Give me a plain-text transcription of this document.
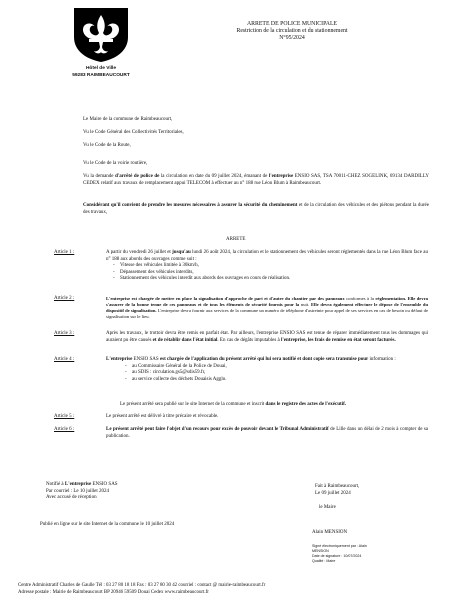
Hôtel de Ville
59283 RAIMBEAUCOURT
ARRETE DE POLICE MUNICIPALE
Restriction de la circulation et du stationnement
N°95/2024

Le Maire de la commune de Raimbeaucourt,

Vu le Code Général des Collectivités Territoriales,

Vu le Code de la Route,

Vu le Code de la voirie routière,

Vu la demande d'arrêté de police de la circulation en date du 09 juillet 2024, émanant de l'entreprise ENSIO SAS, TSA 70011-CHEZ SOGELINK, 69134 DARDILLY CEDEX relatif aux travaux de remplacement appui TELECOM à effectuer au n° 188 rue Léon Blum à Raimbeaucourt.

Considérant qu'il convient de prendre les mesures nécessaires à assurer la sécurité du cheminement et de la circulation des véhicules et des piétons pendant la durée des travaux,

ARRETE
Article 1 :	A partir du vendredi 26 juillet et jusqu'au lundi 26 août 2024, la circulation et le stationnement des véhicules seront réglementés dans la rue Léon Blum face au n° 188 aux abords des ouvrages comme suit :

- Vitesse des véhicules limitée à 30km/h,
- Dépassement des véhicules interdits,
- Stationnement des véhicules interdit aux abords des ouvrages en cours de réalisation.
Article 2 :	L'entreprise est chargée de mettre en place la signalisation d'approche de part et d'autre du chantier par des panneaux conformes à la réglementation. Elle devra s'assurer de la bonne tenue de ces panneaux et de tous les éléments de sécurité fournis pour la nuit. Elle devra également effectuer le dépose de l'ensemble du dispositif de signalisation. L'entreprise devra fournir aux services de la commune un numéro de téléphone d'astreinte pour appel de ses services en cas de besoin ou défaut de signalisation sur le lieu.

Article 3 :	Après les travaux, le trottoir devra être remis en parfait état. Par ailleurs, l'entreprise ENSIO SAS est tenue de réparer immédiatement tous les dommages qui auraient pu être causés et de rétablir dans l'état initial. En cas de dégâts imputables à l'entreprise, les frais de remise en état seront facturés.

Article 4 :	L'entreprise ENSIO SAS est chargée de l'application du présent arrêté qui lui sera notifié et dont copie sera transmise pour information :

- au Commissaire Général de la Police de Douai,
- au SDIS : circulation.gs5@sdis59.fr,
- au service collecte des déchets Douaisis Agglo.

Le présent arrêté sera publié sur le site Internet de la commune et inscrit dans le registre des actes de l'exécutif.

Article 5 :	Le présent arrêté est délivré à titre précaire et révocable.

Article 6 :	Le présent arrêté peut faire l'objet d'un recours pour excès de pouvoir devant le Tribunal Administratif de Lille dans un délai de 2 mois à compter de sa publication.

Notifié à L'entreprise ENSIO SAS
Par courriel : Le 10 juillet 2024
Avec accusé de réception
Fait à Raimbeaucourt,
Le 09 juillet 2024
le Maire

Publié en ligne sur le site Internet de la commune le 10 juillet 2024

Alain MENSION
Signé électroniquement par : Alain
MENSION
Date de signature : 10/07/2024
Qualité : Maire
Centre Administratif Charles de Gaulle Tél : 03 27 80 18 18 Fax : 03 27 80 30 42 courriel : contact @ mairie-raimbeaucourt.fr
Adresse postale : Mairie de Raimbeaucourt BP 20946 59509 Douai Cedex www.raimbeaucourt.fr
